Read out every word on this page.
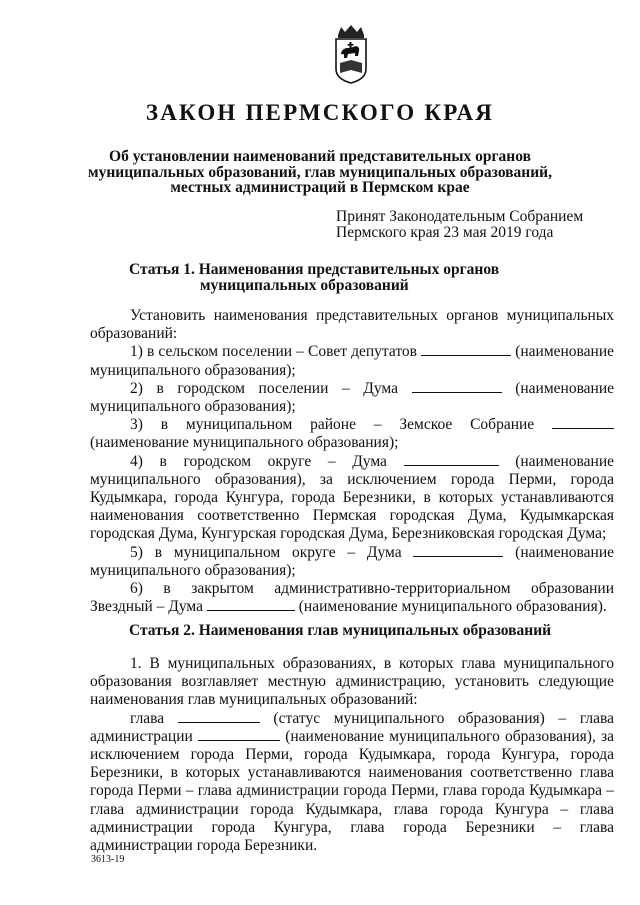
ЗАКОН ПЕРМСКОГО КРАЯ
Об установлении наименований представительных органов
муниципальных образований, глав муниципальных образований,
местных администраций в Пермском крае
Принят Законодательным Собранием
Пермского края 23 мая 2019 года
Статья 1. Наименования представительных органов
муниципальных образований

Установить наименования представительных органов муниципальных образований:

1) в сельском поселении – Совет депутатов	(наименование муниципального образования);

2) в городском поселении – Дума	(наименование муниципального образования);

3) в муниципальном районе – Земское Собрание  (наименование муниципального образования);

4) в городском округе – Дума	(наименование муниципального образования), за исключением города Перми, города Кудымкара, города Кунгура, города Березники, в которых устанавливаются наименования соответственно Пермская городская Дума, Кудымкарская городская Дума, Кунгурская городская Дума, Березниковская городская Дума;

5) в муниципальном округе – Дума	(наименование муниципального образования);

6) в закрытом административно-территориальном образовании Звездный – Дума	(наименование муниципального образования).

Статья 2. Наименования глав муниципальных образований

1. В муниципальных образованиях, в которых глава муниципального образования возглавляет местную администрацию, установить следующие наименования глав муниципальных образований:

глава	(статус муниципального образования) – глава администрации	(наименование муниципального образования), за исключением города Перми, города Кудымкара, города Кунгура, города Березники, в которых устанавливаются наименования соответственно глава города Перми – глава администрации города Перми, глава города Кудымкара – глава администрации города Кудымкара, глава города Кунгура – глава администрации города Кунгура, глава города Березники – глава администрации города Березники.

3613-19
